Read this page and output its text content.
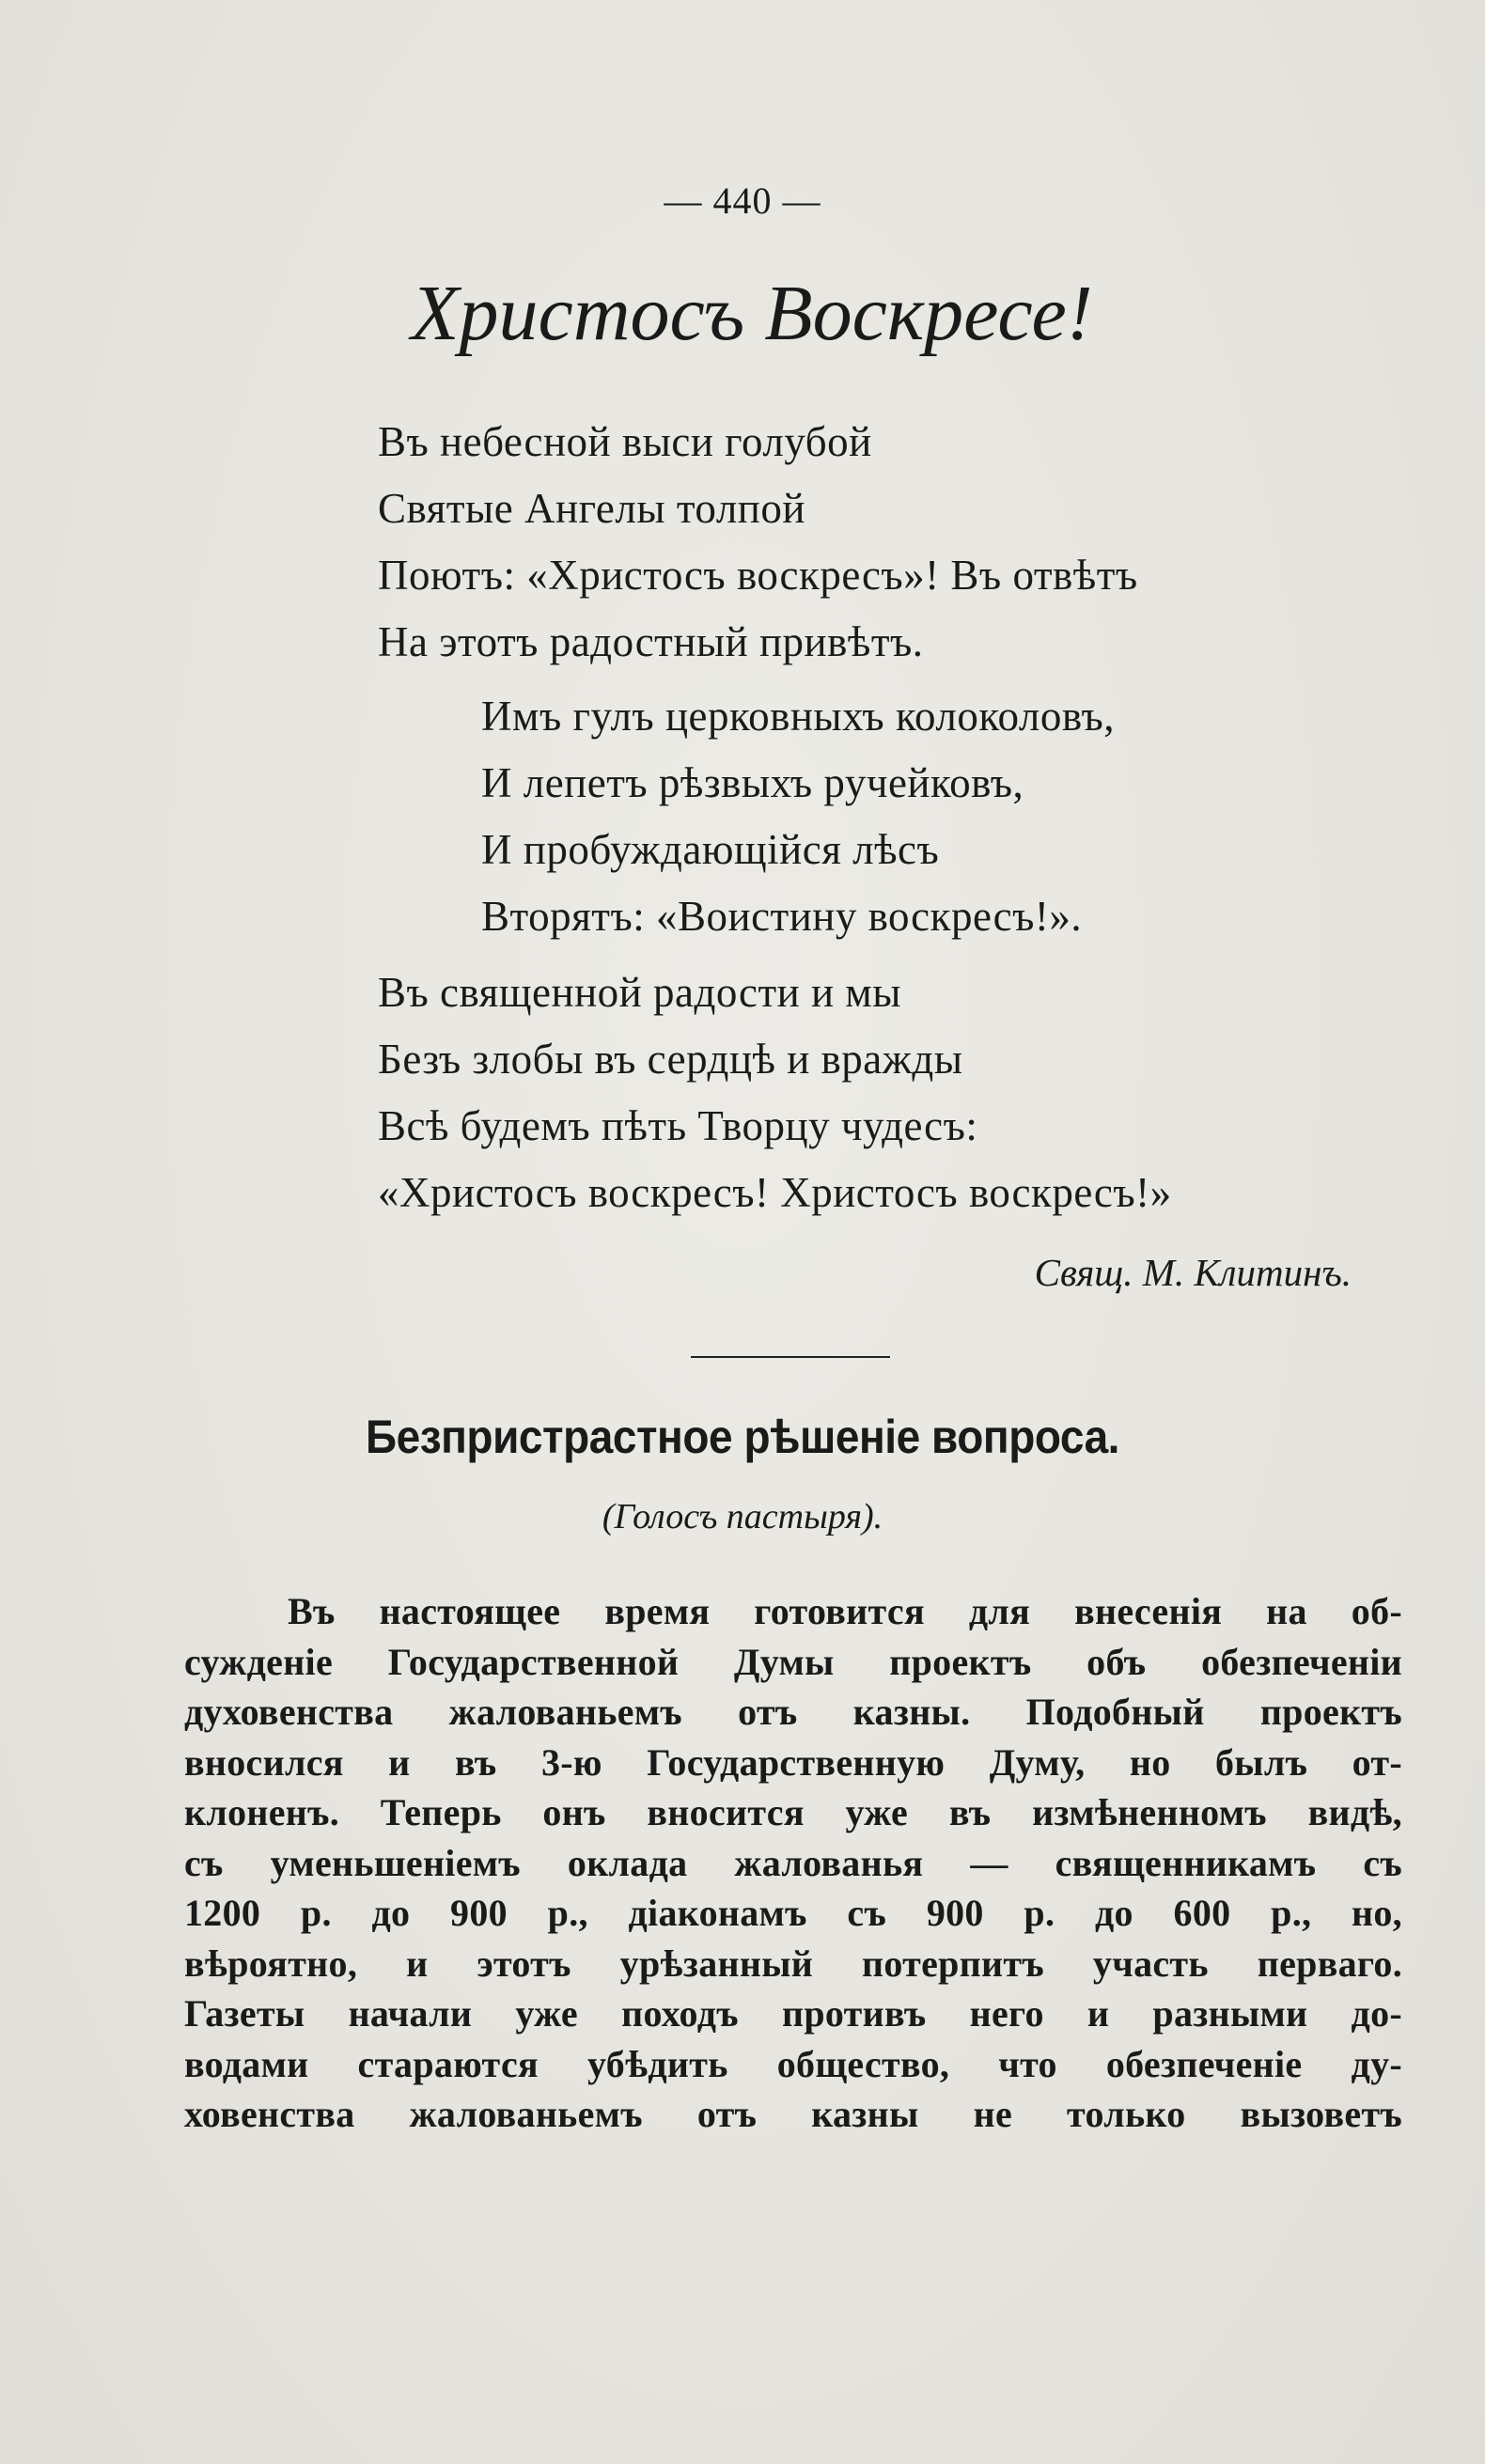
— 440 —
Христосъ Воскресе!
Въ небесной выси голубой
Святые Ангелы толпой
Поютъ: «Христосъ воскресъ»! Въ отвѣтъ
На этотъ радостный привѣтъ.
Имъ гулъ церковныхъ колоколовъ,
И лепетъ рѣзвыхъ ручейковъ,
И пробуждающiйся лѣсъ
Вторятъ: «Воистину воскресъ!».
Въ священной радости и мы
Безъ злобы въ сердцѣ и вражды
Всѣ будемъ пѣть Творцу чудесъ:
«Христосъ воскресъ! Христосъ воскресъ!»
Свящ. М. Клитинъ.
Безпристрастное рѣшенiе вопроса.
(Голосъ пастыря).
Въ настоящее время готовится для внесенiя на об-
сужденiе Государственной Думы проектъ объ обезпеченiи
духовенства жалованьемъ отъ казны. Подобный проектъ
вносился и въ 3-ю Государственную Думу, но былъ от-
клоненъ. Теперь онъ вносится уже въ измѣненномъ видѣ,
съ уменьшенiемъ оклада жалованья — священникамъ съ
1200 р. до 900 р., дiаконамъ съ 900 р. до 600 р., но,
вѣроятно, и этотъ урѣзанный потерпитъ участь перваго.
Газеты начали уже походъ противъ него и разными до-
водами стараются убѣдить общество, что обезпеченiе ду-
ховенства жалованьемъ отъ казны не только вызоветъ
